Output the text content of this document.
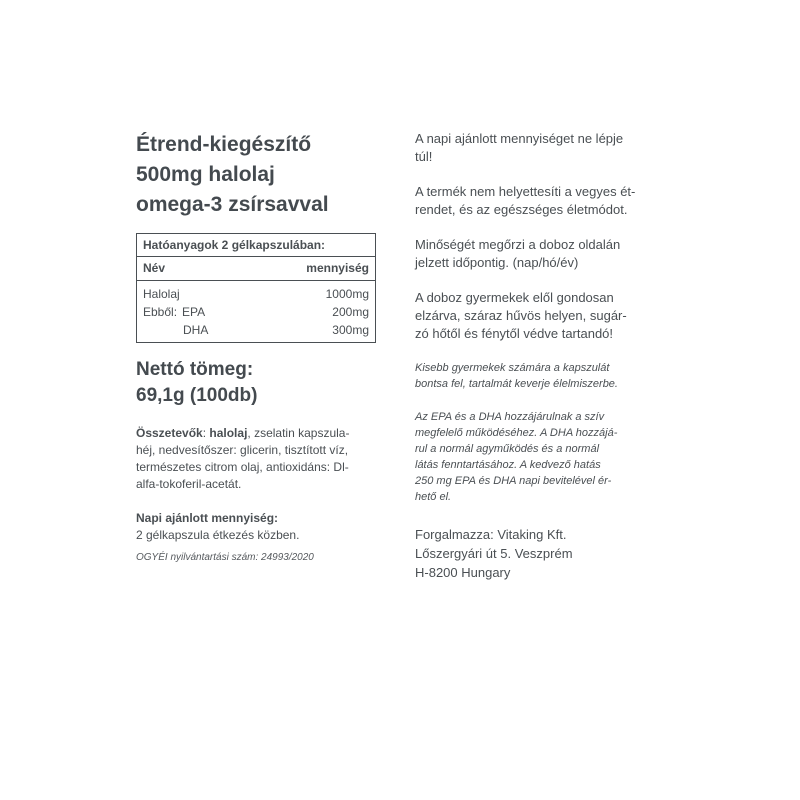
Étrend-kiegészítő
500mg halolaj
omega-3 zsírsavval
Hatóanyagok 2 gélkapszulában:
Név	mennyiség
Halolaj	1000mg
Ebből: EPA	200mg
DHA	300mg
Nettó tömeg:
69,1g (100db)
Összetevők: halolaj, zselatin kapszula-
héj, nedvesítőszer: glicerin, tisztított víz,
természetes citrom olaj, antioxidáns: Dl-
alfa-tokoferil-acetát.
Napi ajánlott mennyiség:
2 gélkapszula étkezés közben.
OGYÉI nyilvántartási szám: 24993/2020

A napi ajánlott mennyiséget ne lépje
túl!

A termék nem helyettesíti a vegyes ét-
rendet, és az egészséges életmódot.

Minőségét megőrzi a doboz oldalán
jelzett időpontig. (nap/hó/év)

A doboz gyermekek elől gondosan
elzárva, száraz hűvös helyen, sugár-
zó hőtől és fénytől védve tartandó!

Kisebb gyermekek számára a kapszulát
bontsa fel, tartalmát keverje élelmiszerbe.

Az EPA és a DHA hozzájárulnak a szív
megfelelő működéséhez. A DHA hozzájá-
rul a normál agyműködés és a normál
látás fenntartásához. A kedvező hatás
250 mg EPA és DHA napi bevitelével ér-
hető el.

Forgalmazza: Vitaking Kft.
Lőszergyári út 5. Veszprém
H-8200 Hungary
